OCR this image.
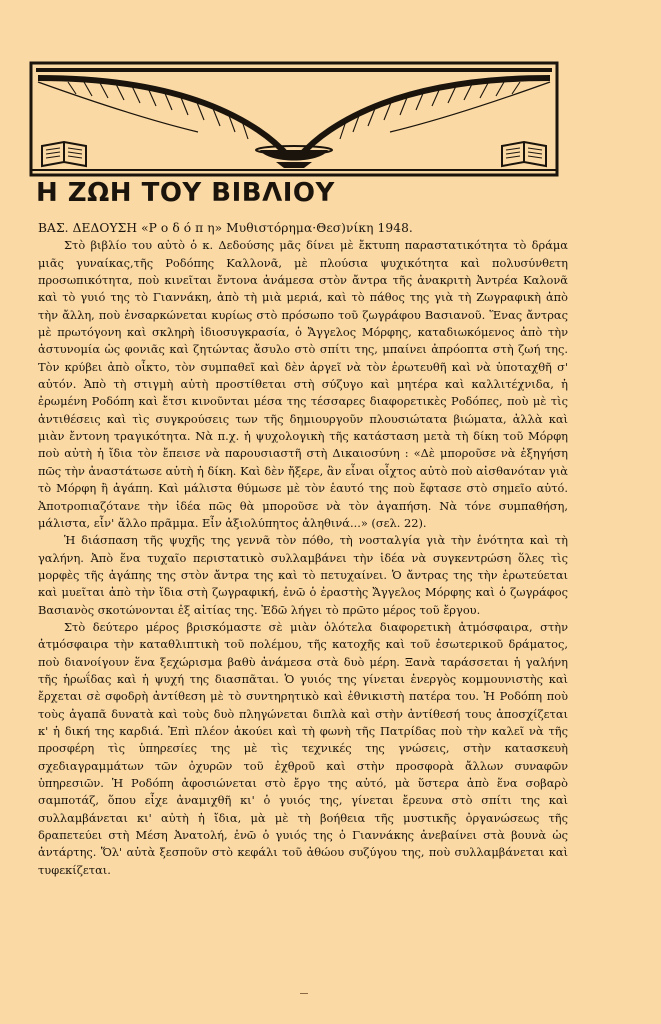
Η ΖΩΗ ΤΟΥ ΒΙΒΛΙΟΥ

ΒΑΣ. ΔΕΔΟΥΣΗ «Ρ ο δ ό π η» Μυθιστόρημα·Θεσ)νίκη 1948.

Στὸ βιβλίο του αὐτὸ ὁ κ. Δεδούσης μᾶς δίνει μὲ ἔκτυπη παραστατικότητα τὸ δράμα μιᾶς γυναίκας,τῆς Ροδόπης Καλλονᾶ, μὲ πλούσια ψυχικότητα καὶ πολυσύνθετη προσωπικότητα, ποὺ κινεῖται ἔντονα ἀνάμεσα στὸν ἄντρα τῆς ἀνακριτὴ Ἀντρέα Καλονᾶ καὶ τὸ γυιό της τὸ Γιαννάκη, ἀπὸ τὴ μιὰ μεριά, καὶ τὸ πάθος της γιὰ τὴ Ζωγραφικὴ ἀπὸ τὴν ἄλλη, ποὺ ἐνσαρκώνεται κυρίως στὸ πρόσωπο τοῦ ζωγράφου Βασιανοῦ. Ἕνας ἄντρας μὲ πρωτόγονη καὶ σκληρὴ ἰδιοσυγκρασία, ὁ Ἄγγελος Μόρφης, καταδιωκόμενος ἀπὸ τὴν ἀστυνομία ὡς φονιᾶς καὶ ζητώντας ἄσυλο στὸ σπίτι της, μπαίνει ἀπρόοπτα στὴ ζωή της. Τὸν κρύβει ἀπὸ οἶκτο, τὸν συμπαθεῖ καὶ δὲν ἀργεῖ νὰ τὸν ἐρωτευθῆ καὶ νὰ ὑποταχθῆ σ' αὐτόν. Ἀπὸ τὴ στιγμὴ αὐτὴ προστίθεται στὴ σύζυγο καὶ μητέρα καὶ καλλιτέχνιδα, ἡ ἐρωμένη Ροδόπη καὶ ἔτσι κινοῦνται μέσα της τέσσαρες διαφορετικὲς Ροδόπες, ποὺ μὲ τὶς ἀντιθέσεις καὶ τὶς συγκρούσεις των τῆς δημιουργοῦν πλουσιώτατα βιώματα, ἀλλὰ καὶ μιὰν ἔντονη τραγικότητα. Νὰ π.χ. ἡ ψυχολογικὴ τῆς κατάσταση μετὰ τὴ δίκη τοῦ Μόρφη ποὺ αὐτὴ ἡ ἴδια τὸν ἔπεισε νὰ παρουσιαστῆ στὴ Δικαιοσύνη : «Δὲ μποροῦσε νὰ ἐξηγήση πῶς τὴν ἀναστάτωσε αὐτὴ ἡ δίκη. Καὶ δὲν ἤξερε, ἂν εἶναι οἶχτος αὐτὸ ποὺ αἰσθανόταν γιὰ τὸ Μόρφη ἢ ἀγάπη. Καὶ μάλιστα θύμωσε μὲ τὸν ἑαυτό της ποὺ ἔφτασε στὸ σημεῖο αὐτό. Ἀποτροπιαζότανε τὴν ἰδέα πῶς θὰ μποροῦσε νὰ τὸν ἀγαπήση. Νὰ τόνε συμπαθήση, μάλιστα, εἶν' ἄλλο πρᾶμμα. Εἶν ἀξιολύπητος ἀληθινά...» (σελ. 22).

Ἡ διάσπαση τῆς ψυχῆς της γεννᾶ τὸν πόθο, τὴ νοσταλγία γιὰ τὴν ἑνότητα καὶ τὴ γαλήνη. Ἀπὸ ἕνα τυχαῖο περιστατικὸ συλλαμβάνει τὴν ἰδέα νὰ συγκεντρώση ὅλες τὶς μορφὲς τῆς ἀγάπης της στὸν ἄντρα της καὶ τὸ πετυχαίνει. Ὁ ἄντρας της τὴν ἐρωτεύεται καὶ μυεῖται ἀπὸ τὴν ἴδια στὴ ζωγραφική, ἐνῶ ὁ ἐραστὴς Ἄγγελος Μόρφης καὶ ὁ ζωγράφος Βασιανὸς σκοτώνονται ἐξ αἰτίας της. Ἐδῶ λήγει τὸ πρῶτο μέρος τοῦ ἔργου.

Στὸ δεύτερο μέρος βρισκόμαστε σὲ μιὰν ὁλότελα διαφορετικὴ ἀτμόσφαιρα, στὴν ἀτμόσφαιρα τὴν καταθλιπτικὴ τοῦ πολέμου, τῆς κατοχῆς καὶ τοῦ ἐσωτερικοῦ δράματος, ποὺ διανοίγουν ἕνα ξεχώρισμα βαθὺ ἀνάμεσα στὰ δυὸ μέρη. Ξανὰ ταράσσεται ἡ γαλήνη τῆς ἡρωΐδας καὶ ἡ ψυχή της διασπᾶται. Ὁ γυιός της γίνεται ἐνεργὸς κομμουνιστὴς καὶ ἔρχεται σὲ σφοδρὴ ἀντίθεση μὲ τὸ συντηρητικὸ καὶ ἐθνικιστὴ πατέρα του. Ἡ Ροδόπη ποὺ τοὺς ἀγαπᾶ δυνατὰ καὶ τοὺς δυὸ πληγώνεται διπλὰ καὶ στὴν ἀντίθεσή τους ἀποσχίζεται κ' ἡ δική της καρδιά. Ἐπὶ πλέον ἀκούει καὶ τὴ φωνὴ τῆς Πατρίδας ποὺ τὴν καλεῖ νὰ τῆς προσφέρη τὶς ὑπηρεσίες της μὲ τὶς τεχνικές της γνώσεις, στὴν κατασκευὴ σχεδιαγραμμάτων τῶν ὀχυρῶν τοῦ ἐχθροῦ καὶ στὴν προσφορὰ ἄλλων συναφῶν ὑπηρεσιῶν. Ἡ Ροδόπη ἀφοσιώνεται στὸ ἔργο της αὐτό, μὰ ὕστερα ἀπὸ ἕνα σοβαρὸ σαμποτάζ, ὅπου εἶχε ἀναμιχθῆ κι' ὁ γυιός της, γίνεται ἔρευνα στὸ σπίτι της καὶ συλλαμβάνεται κι' αὐτὴ ἡ ἴδια, μὰ μὲ τὴ βοήθεια τῆς μυστικῆς ὀργανώσεως τῆς δραπετεύει στὴ Μέση Ἀνατολή, ἐνῶ ὁ γυιός της ὁ Γιαννάκης ἀνεβαίνει στὰ βουνὰ ὡς ἀντάρτης. Ὅλ' αὐτὰ ξεσποῦν στὸ κεφάλι τοῦ ἀθώου συζύγου της, ποὺ συλλαμβάνεται καὶ τυφεκίζεται.
